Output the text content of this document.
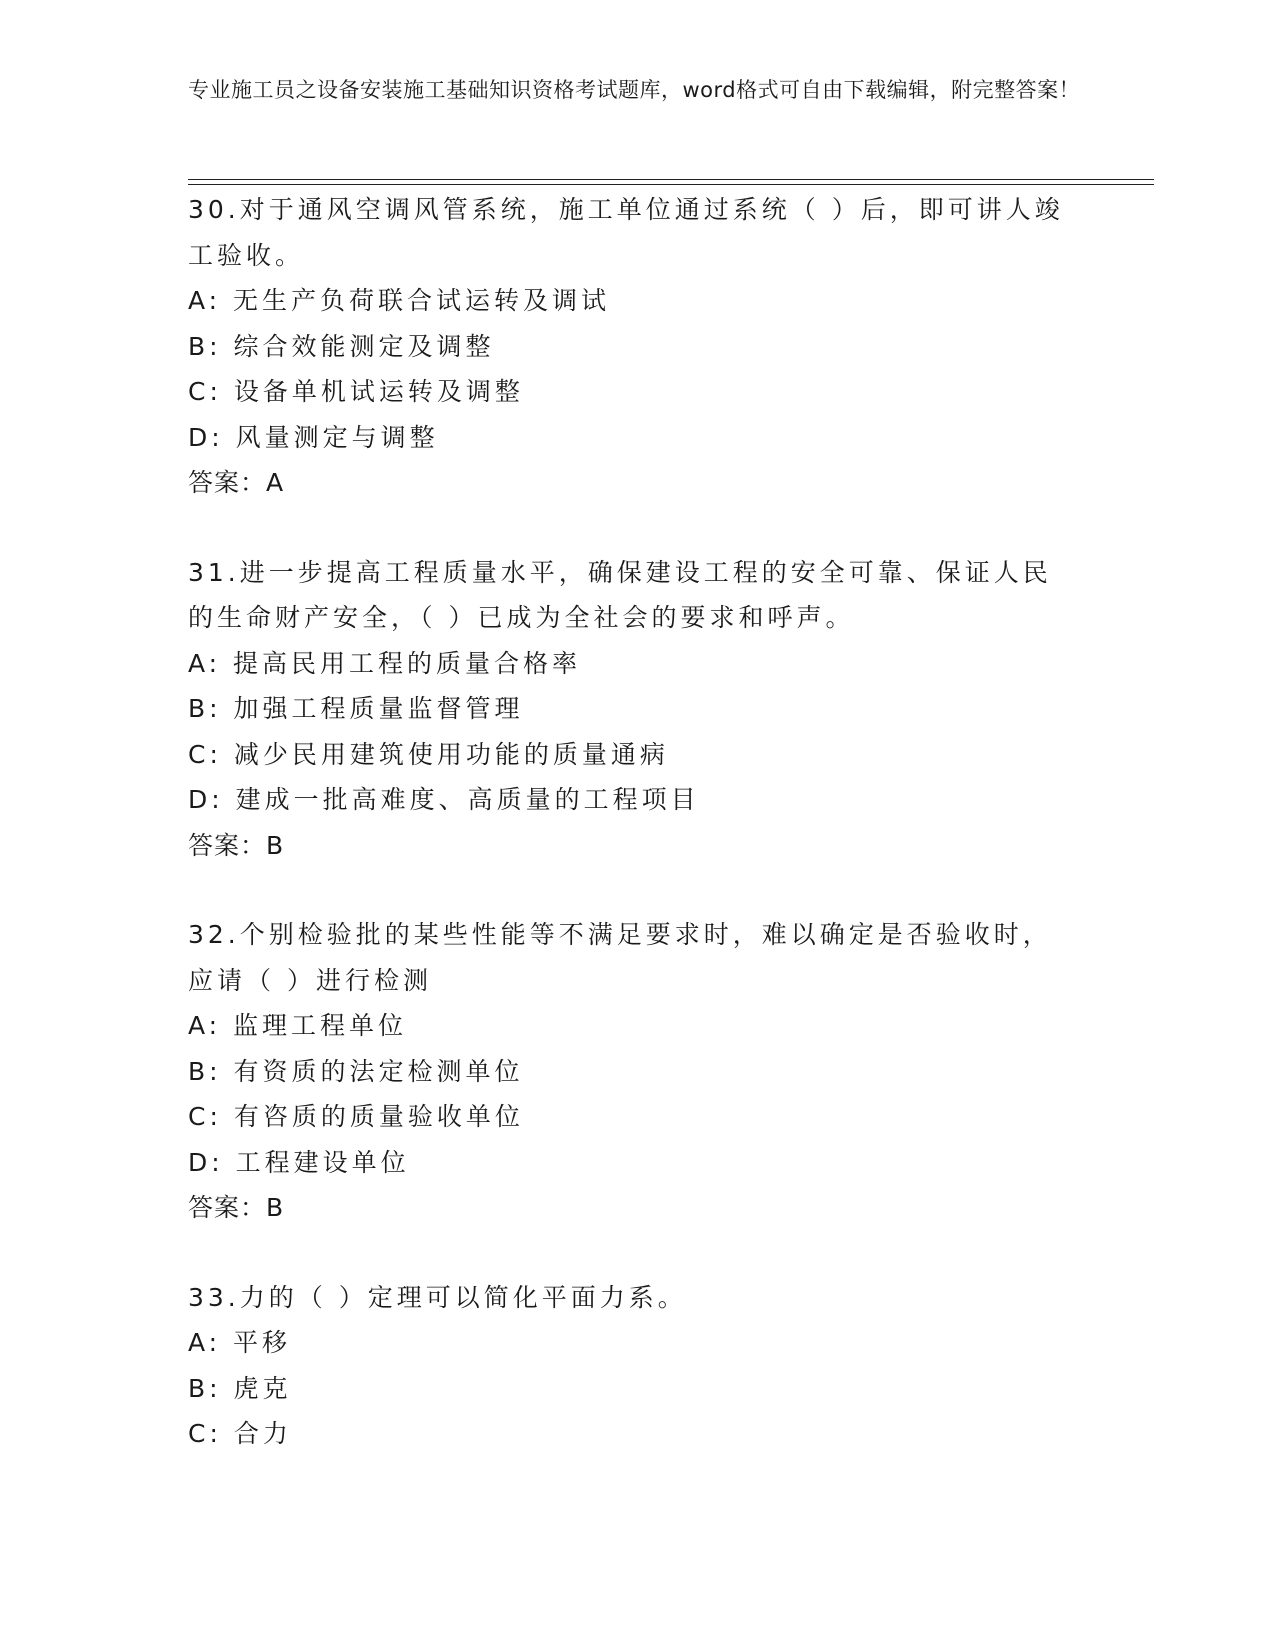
专业施工员之设备安装施工基础知识资格考试题库，word格式可自由下载编辑，附完整答案！
30.对于通风空调风管系统，施工单位通过系统（ ）后，即可讲人竣工验收。
A: 无生产负荷联合试运转及调试
B: 综合效能测定及调整
C: 设备单机试运转及调整
D: 风量测定与调整
答案：A
31.进一步提高工程质量水平，确保建设工程的安全可靠、保证人民的生命财产安全，（ ）已成为全社会的要求和呼声。
A: 提高民用工程的质量合格率
B: 加强工程质量监督管理
C: 减少民用建筑使用功能的质量通病
D: 建成一批高难度、高质量的工程项目
答案：B
32.个别检验批的某些性能等不满足要求时，难以确定是否验收时，应请（ ）进行检测
A: 监理工程单位
B: 有资质的法定检测单位
C: 有咨质的质量验收单位
D: 工程建设单位
答案：B
33.力的（ ）定理可以简化平面力系。
A: 平移
B: 虎克
C: 合力
